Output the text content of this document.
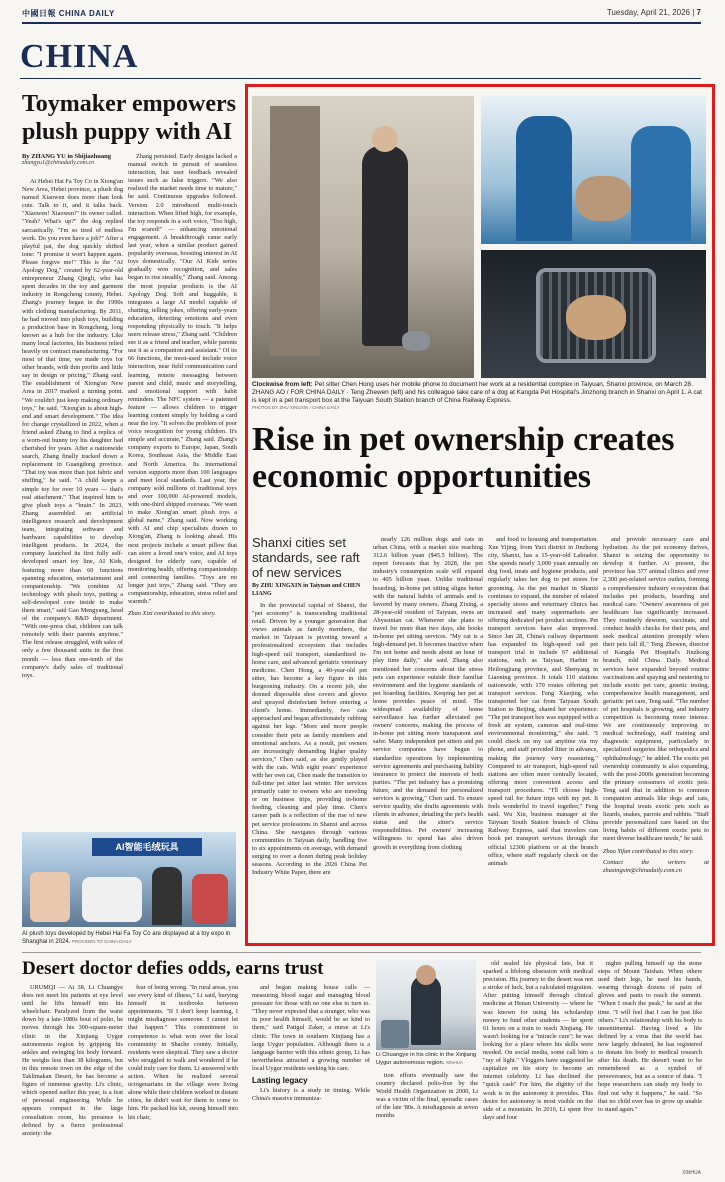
中國日報 CHINA DAILY	Tuesday, April 21, 2026 | 7
CHINA
Toymaker empowers plush puppy with AI
By ZHANG YU in Shijiazhuang
zhangyu1@chinadaily.com.cn

At Hebei Hai Fa Toy Co in Xiong'an New Area, Hebei province, a plush dog named Xiaowen does more than look cute. Talk to it, and it talks back. "Xiaowen! Xiaowen!" its owner called. "Yeah? What's up?" the dog replied sarcastically. "I'm so tired of endless work. Do you even have a job?" After a playful pat, the dog quickly shifted tone: "I promise it won't happen again. Please forgive me!" This is the "AI Apology Dog," created by 62-year-old entrepreneur Zhang Qingli, who has spent decades in the toy and garment industry in Rongcheng county, Hebei. Zhang's journey began in the 1990s with clothing manufacturing. By 2011, he had moved into plush toys, building a production base in Rongcheng, long known as a hub for the industry. Like many local factories, his business relied heavily on contract manufacturing. "For most of that time, we made toys for other brands, with thin profits and little say in design or pricing," Zhang said. The establishment of Xiong'an New Area in 2017 marked a turning point. "We couldn't just keep making ordinary toys," he said. "Xiong'an is about high-end and smart development." The idea for change crystallized in 2022, when a friend asked Zhang to find a replica of a worn-out bunny toy his daughter had cherished for years. After a nationwide search, Zhang finally tracked down a replacement in Guangdong province. "That toy was more than just fabric and stuffing," he said. "A child keeps a simple toy for over 10 years — that's real attachment." That inspired him to give plush toys a "brain." In 2023, Zhang assembled an artificial intelligence research and development team, integrating software and hardware capabilities to develop intelligent products. In 2024, the company launched its first fully self-developed smart toy line, AI Kids, featuring more than 60 functions spanning education, entertainment and companionship. "We combine AI technology with plush toys, putting a self-developed core inside to make them smart," said Gao Mengyang, head of the company's R&D department. "With one-press chat, children can talk remotely with their parents anytime." The first release struggled, with sales of only a few thousand units in the first month — less than one-tenth of the company's daily sales of traditional toys.

Zhang persisted. Early designs lacked a manual switch in pursuit of seamless interaction, but user feedback revealed issues such as false triggers. "We also realized the market needs time to mature," he said. Continuous upgrades followed. Version 2.0 introduced multi-touch interaction. When lifted high, for example, the toy responds in a soft voice, "Too high, I'm scared!" — enhancing emotional engagement. A breakthrough came early last year, when a similar product gained popularity overseas, boosting interest in AI toys domestically. "Our AI Kids series gradually won recognition, and sales began to rise steadily," Zhang said. Among the most popular products is the AI Apology Dog. Soft and huggable, it integrates a large AI model capable of chatting, telling jokes, offering early-years education, detecting emotions and even responding physically to touch. "It helps users release stress," Zhang said. "Children see it as a friend and teacher, while parents use it as a companion and assistant." Of its 66 functions, the most-used include voice interaction, near field communication card learning, remote messaging between parent and child, music and storytelling, and emotional support with habit reminders. The NFC system — a patented feature — allows children to trigger learning content simply by holding a card near the toy. "It solves the problem of poor voice recognition for young children. It's simple and accurate," Zhang said. Zhang's company exports to Europe, Japan, South Korea, Southeast Asia, the Middle East and North America. Its international version supports more than 100 languages and meet local standards. Last year, the company sold millions of traditional toys and over 100,000 AI-powered models, with one-third shipped overseas. "We want to make Xiong'an smart plush toys a global name," Zhang said. Now working with AI and chip specialists drawn to Xiong'an, Zhang is looking ahead. His next projects include a smart pillow that can store a loved one's voice, and AI toys designed for elderly care, capable of monitoring health, offering companionship and connecting families. "Toys are no longer just toys," Zhang said. "They are companionship, education, stress relief and warmth."

Zhao Xixi contributed to this story.
AI智能毛绒玩具
AI plush toys developed by Hebei Hai Fa Toy Co are displayed at a toy expo in Shanghai in 2024. PROVIDED TO CHINA DAILY
Clockwise from left: Pet sitter Chen Hong uses her mobile phone to document her work at a residential complex in Taiyuan, Shanxi province, on March 28. ZHANG AO / FOR CHINA DAILY · Teng Zhewen (left) and his colleague take care of a dog at Kangda Pet Hospital's Jinzhong branch in Shanxi on April 1. A cat is kept in a pet transport box at the Taiyuan South Station branch of China Railway Express.
PHOTOS BY ZHU XINGXIN / CHINA DAILY
Rise in pet ownership creates economic opportunities
Shanxi cities set standards, see raft of new services
By ZHU XINGXIN in Taiyuan and CHEN LIANG

In the provincial capital of Shanxi, the "pet economy" is transcending traditional retail. Driven by a younger generation that views animals as family members, the market in Taiyuan is pivoting toward a professionalized ecosystem that includes high-speed rail transport, standardized in-home care, and advanced geriatric veterinary medicine. Chen Hong, a 40-year-old pet sitter, has become a key figure in this burgeoning industry. On a recent job, she donned disposable shoe covers and gloves and sprayed disinfectant before entering a client's home. Immediately, two cats approached and began affectionately rubbing against her legs. "More and more people consider their pets as family members and emotional anchors. As a result, pet owners are increasingly demanding higher quality services," Chen said, as she gently played with the cats. With eight years' experience with her own cat, Chen made the transition to full-time pet sitter last winter. Her services primarily cater to owners who are traveling or on business trips, providing in-home feeding, cleaning and play time. Chen's career path is a reflection of the rise of new pet service professions in Shanxi and across China. She navigates through various communities in Taiyuan daily, handling five to six appointments on average, with demand surging to over a dozen during peak holiday seasons. According to the 2026 China Pet Industry White Paper, there are

nearly 126 million dogs and cats in urban China, with a market size reaching 312.6 billion yuan ($45.5 billion). The report forecasts that by 2028, the pet industry's consumption scale will expand to 405 billion yuan. Unlike traditional boarding, in-home pet sitting aligns better with the natural habits of animals and is favored by many owners. Zhang Zixing, a 28-year-old resident of Taiyuan, owns an Abyssinian cat. Whenever she plans to travel for more than two days, she books in-home pet sitting services. "My cat is a high-demand pet. It becomes inactive when I'm not home and needs about an hour of play time daily," she said. Zhang also mentioned her concerns about the stress pets can experience outside their familiar environment and the hygiene standards of pet boarding facilities. Keeping her pet at home provides peace of mind. The widespread availability of home surveillance has further alleviated pet owners' concerns, making the process of in-home pet sitting more transparent and safer. Many independent pet sitters and pet service companies have begun to standardize operations by implementing service agreements and purchasing liability insurance to protect the interests of both parties. "The pet industry has a promising future, and the demand for personalized services is growing," Chen said. To ensure service quality, she drafts agreements with clients in advance, detailing the pet's health status and the sitter's service responsibilities. Pet owners' increasing willingness to spend has also driven growth in everything from clothing

and food to housing and transportation. Xue Yijing, from Yuci district in Jinzhong city, Shanxi, has a 15-year-old Labrador. She spends nearly 3,000 yuan annually on dog food, treats and hygiene products, and regularly takes her dog to pet stores for grooming. As the pet market in Shanxi continues to expand, the number of related specialty stores and veterinary clinics has increased and many supermarkets are offering dedicated pet product sections. Pet transport services have also improved. Since Jan 28, China's railway department has expanded its high-speed rail pet transport trial to include 67 additional stations, such as Taiyuan, Harbin in Heilongjiang province, and Shenyang in Liaoning province. It totals 110 stations nationwide, with 170 routes offering pet transport services. Feng Xiaojing, who transported her cat from Taiyuan South Station to Beijing, shared her experience: "The pet transport box was equipped with a fresh air system, cameras and real-time environmental monitoring," she said. "I could check on my cat anytime via my phone, and staff provided litter in advance, making the journey very reassuring." Compared to air transport, high-speed rail stations are often more centrally located, offering more convenient access and transport procedures. "I'll choose high-speed rail for future trips with my pet. It feels wonderful to travel together," Feng said. Wu Xin, business manager at the Taiyuan South Station branch of China Railway Express, said that travelers can book pet transport services through the official 12306 platform or at the branch office, where staff regularly check on the animals

and provide necessary care and hydration. As the pet economy thrives, Shanxi is seizing the opportunity to develop it further. At present, the province has 377 animal clinics and over 2,300 pet-related service outlets, forming a comprehensive industry ecosystem that includes pet products, boarding and medical care. "Owners' awareness of pet healthcare has significantly increased. They routinely deworm, vaccinate, and conduct health checks for their pets, and seek medical attention promptly when their pets fall ill," Teng Zhewen, director of Kangda Pet Hospital's Jinzhong branch, told China Daily. Medical services have expanded beyond routine vaccinations and spaying and neutering to include exotic pet care, genetic testing, comprehensive health management, and geriatric pet care, Teng said. "The number of pet hospitals is growing, and industry competition is becoming more intense. We are continuously improving in medical technology, staff training and diagnostic equipment, particularly in specialized surgeries like orthopedics and ophthalmology," he added. The exotic pet ownership community is also expanding, with the post-2000s generation becoming the primary consumers of exotic pets. Teng said that in addition to common companion animals like dogs and cats, the hospital treats exotic pets such as lizards, snakes, parrots and rabbits. "Staff provide personalized care based on the living habits of different exotic pets to meet diverse healthcare needs," he said.

Zhao Yifan contributed to this story.
Contact the writers at zhuxingxin@chinadaily.com.cn
Desert doctor defies odds, earns trust

URUMQI — At 38, Li Chuangye does not meet his patients at eye level until he lifts himself into his wheelchair. Paralyzed from the waist down by a late-1980s bout of polio, he moves through his 300-square-meter clinic in the Xinjiang Uygur autonomous region by gripping his ankles and swinging his body forward. He weighs less than 38 kilograms, but in this remote town on the edge of the Taklimakan Desert, he has become a figure of immense gravity. Li's clinic, which opened earlier this year, is a feat of personal engineering. While he appears compact in the large consultation room, his presence is defined by a fierce professional anxiety: the

fear of being wrong. "In rural areas, you see every kind of illness," Li said, burying himself in textbooks between appointments. "If I don't keep learning, I might misdiagnose someone. I cannot let that happen." This commitment to competence is what won over the local community in Shache county. Initially, residents were skeptical. They saw a doctor who struggled to walk and wondered if he could truly care for them. Li answered with action. When he realized several octogenarians in the village were living alone while their children worked in distant cities, he didn't wait for them to come to him. He packed his kit, swung himself into his chair,

and began making house calls — measuring blood sugar and managing blood pressure for those with no one else to turn to. "They never expected that a stranger, who was in poor health himself, would be so kind to them," said Patigul Zaker, a nurse at Li's clinic. The town in southern Xinjiang has a large Uygur population. Although there is a language barrier with this ethnic group, Li has nevertheless attracted a growing number of local Uygur residents seeking his care.

Lasting legacy

Li's history is a study in timing. While China's massive immuniza-

Li Chuangye in his clinic in the Xinjiang Uygur autonomous region. XINHUA

tion efforts eventually saw the country declared polio-free by the World Health Organization in 2000, Li was a victim of the final, sporadic cases of the late '80s. A misdiagnosis at seven months

old sealed his physical fate, but it sparked a lifelong obsession with medical precision. His journey to the desert was not a stroke of luck, but a calculated migration. After putting himself through clinical medicine at Henan University — where he was known for using his scholarship money to fund other students — he spent 61 hours on a train to reach Xinjiang. He wasn't looking for a "miracle cure"; he was looking for a place where his skills were needed. On social media, some call him a "ray of light." Vloggers have suggested he capitalize on his story to become an internet celebrity. Li has declined the "quick cash" For him, the dignity of the work is in the autonomy it provides. This desire for autonomy is most visible on the side of a mountain. In 2016, Li spent five days and four

nights pulling himself up the stone steps of Mount Taishan. When others used their legs, he used his hands, wearing through dozens of pairs of gloves and pants to reach the summit. "When I reach the peak," he said at the time. "I will feel that I can be just like others." Li's relationship with his body is unsentimental. Having lived a life defined by a virus that the world has now largely defeated, he has registered to donate his body to medical research after his death. He doesn't want to be remembered as a symbol of perseverance, but as a source of data. "I hope researchers can study my body to find out why it happens," he said. "So that no child ever has to grow up unable to stand again."

XINHUA
